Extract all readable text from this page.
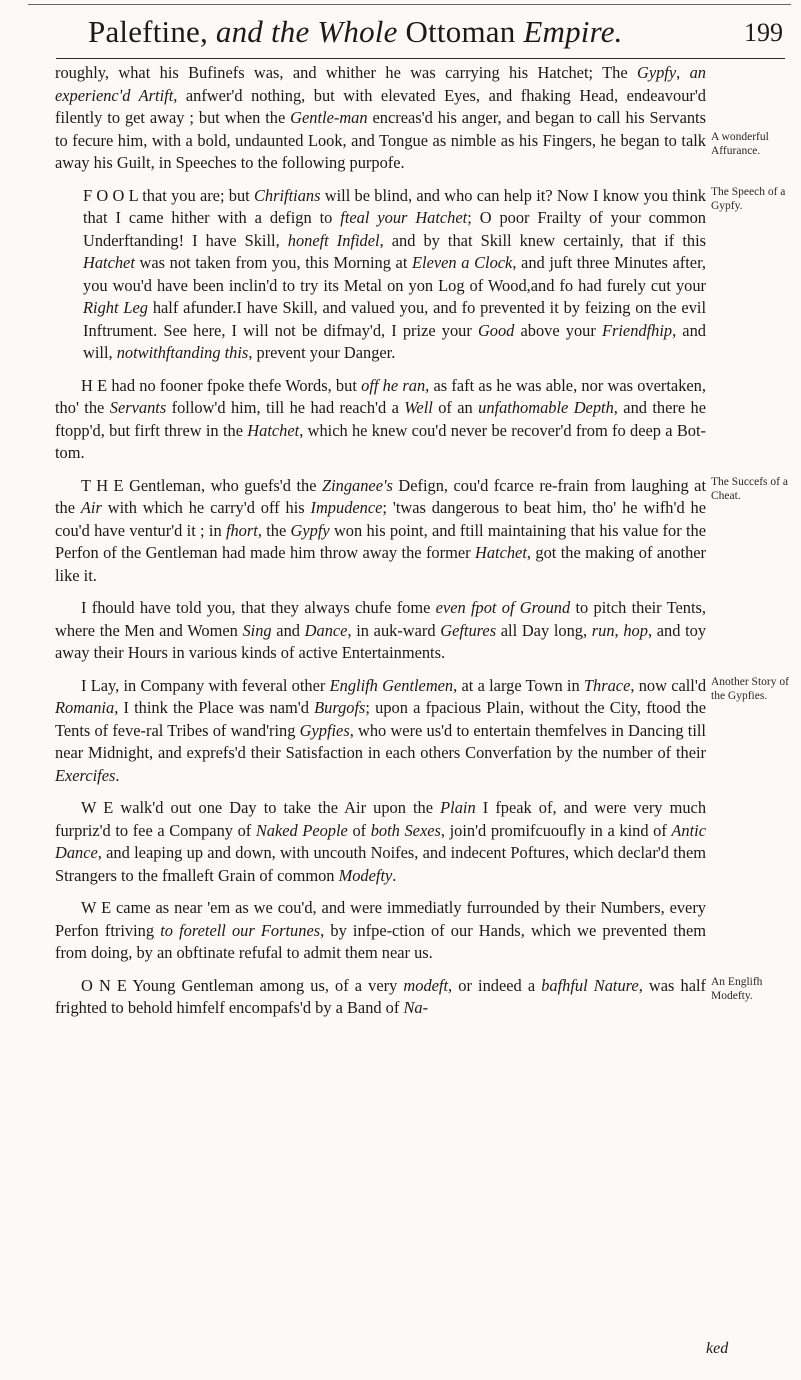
Paleftine, and the Whole Ottoman Empire.	199

roughly, what his Bufinefs was, and whither he was carrying his Hatchet; The Gypfy, an experienc'd Artift, anfwer'd nothing, but with elevated Eyes, and fhaking Head, endeavour'd filently to get away ; but when the Gentle-man encreas'd his anger, and began to call his Servants to fecure him, with a bold, undaunted Look, and Tongue as nimble as his Fingers, he began to talk away his Guilt, in Speeches to the following purpofe.

F O O L that you are; but Chriftians will be blind, and who can help it? Now I know you think that I came hither with a defign to fteal your Hatchet; O poor Frailty of your common Underftanding! I have Skill, honeft Infidel, and by that Skill knew certainly, that if this Hatchet was not taken from you, this Morning at Eleven a Clock, and juft three Minutes after, you wou'd have been inclin'd to try its Metal on yon Log of Wood,and fo had furely cut your Right Leg half afunder.I have Skill, and valued you, and fo prevented it by feizing on the evil Inftrument. See here, I will not be difmay'd, I prize your Good above your Friendfhip, and will, notwithftanding this, prevent your Danger.

H E had no fooner fpoke thefe Words, but off he ran, as faft as he was able, nor was overtaken, tho' the Servants follow'd him, till he had reach'd a Well of an unfathomable Depth, and there he ftopp'd, but firft threw in the Hatchet, which he knew cou'd never be recover'd from fo deep a Bot-tom.

T H E Gentleman, who guefs'd the Zinganee's Defign, cou'd fcarce re-frain from laughing at the Air with which he carry'd off his Impudence; 'twas dangerous to beat him, tho' he wifh'd he cou'd have ventur'd it ; in fhort, the Gypfy won his point, and ftill maintaining that his value for the Perfon of the Gentleman had made him throw away the former Hatchet, got the making of another like it.

I fhould have told you, that they always chufe fome even fpot of Ground to pitch their Tents, where the Men and Women Sing and Dance, in auk-ward Geftures all Day long, run, hop, and toy away their Hours in various kinds of active Entertainments.

I Lay, in Company with feveral other Englifh Gentlemen, at a large Town in Thrace, now call'd Romania, I think the Place was nam'd Burgofs; upon a fpacious Plain, without the City, ftood the Tents of feve-ral Tribes of wand'ring Gypfies, who were us'd to entertain themfelves in Dancing till near Midnight, and exprefs'd their Satisfaction in each others Converfation by the number of their Exercifes.

W E walk'd out one Day to take the Air upon the Plain I fpeak of, and were very much furpriz'd to fee a Company of Naked People of both Sexes, join'd promifcuoufly in a kind of Antic Dance, and leaping up and down, with uncouth Noifes, and indecent Poftures, which declar'd them Strangers to the fmalleft Grain of common Modefty.

W E came as near 'em as we cou'd, and were immediatly furrounded by their Numbers, every Perfon ftriving to foretell our Fortunes, by infpe-ction of our Hands, which we prevented them from doing, by an obftinate refufal to admit them near us.

O N E Young Gentleman among us, of a very modeft, or indeed a bafhful Nature, was half frighted to behold himfelf encompafs'd by a Band of Na-

ked
A wonderful Affurance.
The Speech of a Gypfy.
The Succefs of a Cheat.
Another Story of the Gypfies.
An Englifh Modefty.
